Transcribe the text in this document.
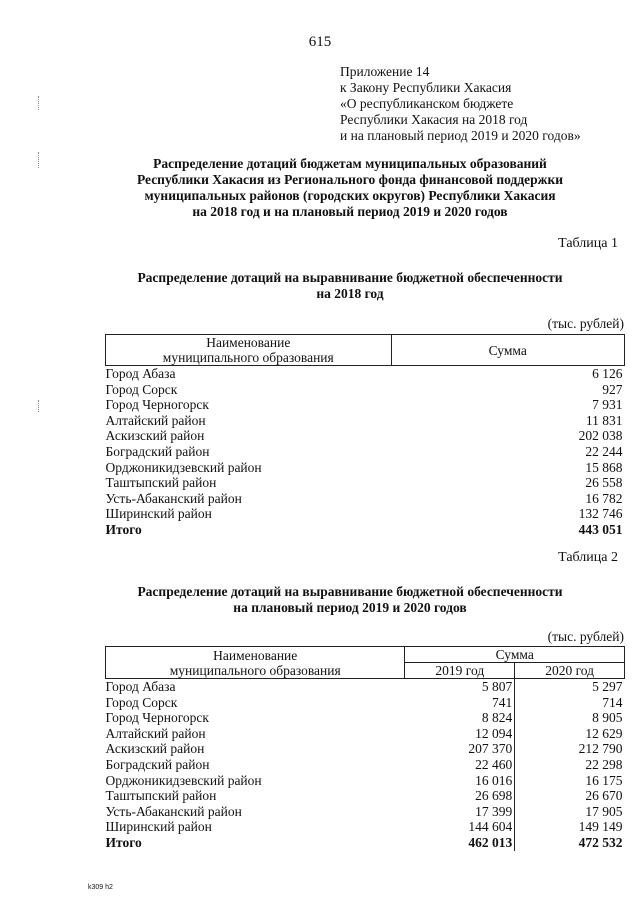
615
Приложение 14
к Закону Республики Хакасия
«О республиканском бюджете
Республики Хакасия на 2018 год
и на плановый период 2019 и 2020 годов»
Распределение дотаций бюджетам муниципальных образований
Республики Хакасия из Регионального фонда финансовой поддержки
муниципальных районов (городских округов) Республики Хакасия
на 2018 год и на плановый период 2019 и 2020 годов
Таблица 1
Распределение дотаций на выравнивание бюджетной обеспеченности
на 2018 год
(тыс. рублей)
Наименование
муниципального образования	Сумма
Город Абаза	6 126
Город Сорск	927
Город Черногорск	7 931
Алтайский район	11 831
Аскизский район	202 038
Боградский район	22 244
Орджоникидзевский район	15 868
Таштыпский район	26 558
Усть-Абаканский район	16 782
Ширинский район	132 746
Итого	443 051
Таблица 2
Распределение дотаций на выравнивание бюджетной обеспеченности
на плановый период 2019 и 2020 годов
(тыс. рублей)
Наименование
муниципального образования	Сумма	
	2019 год	2020 год
Город Абаза	5 807	5 297
Город Сорск	741	714
Город Черногорск	8 824	8 905
Алтайский район	12 094	12 629
Аскизский район	207 370	212 790
Боградский район	22 460	22 298
Орджоникидзевский район	16 016	16 175
Таштыпский район	26 698	26 670
Усть-Абаканский район	17 399	17 905
Ширинский район	144 604	149 149
Итого	462 013	472 532
k309 h2
